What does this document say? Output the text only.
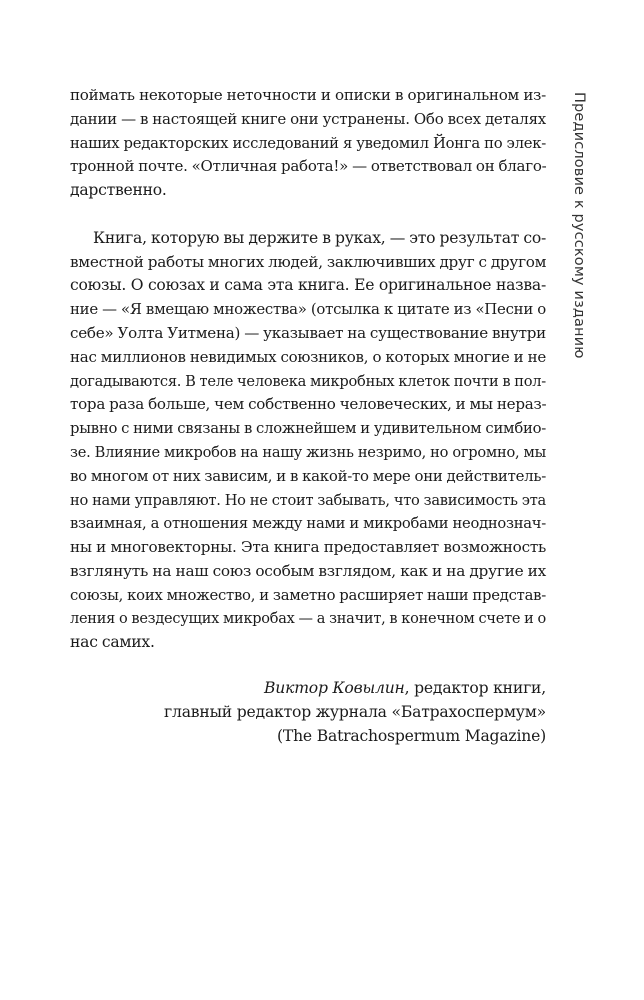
Предисловие к русскому изданию
поймать некоторые неточности и описки в оригинальном из-
дании — в настоящей книге они устранены. Обо всех деталях
наших редакторских исследований я уведомил Йонга по элек-
тронной почте. «Отличная работа!» — ответствовал он благо-
дарственно.
Книга, которую вы держите в руках, — это результат со-
вместной работы многих людей, заключивших друг с другом
союзы. О союзах и сама эта книга. Ее оригинальное назва-
ние — «Я вмещаю множества» (отсылка к цитате из «Песни о
себе» Уолта Уитмена) — указывает на существование внутри
нас миллионов невидимых союзников, о которых многие и не
догадываются. В теле человека микробных клеток почти в пол-
тора раза больше, чем собственно человеческих, и мы нераз-
рывно с ними связаны в сложнейшем и удивительном симбио-
зе. Влияние микробов на нашу жизнь незримо, но огромно, мы
во многом от них зависим, и в какой-то мере они действитель-
но нами управляют. Но не стоит забывать, что зависимость эта
взаимная, а отношения между нами и микробами неоднознач-
ны и многовекторны. Эта книга предоставляет возможность
взглянуть на наш союз особым взглядом, как и на другие их
союзы, коих множество, и заметно расширяет наши представ-
ления о вездесущих микробах — а значит, в конечном счете и о
нас самих.
Виктор Ковылин, редактор книги,
главный редактор журнала «Батрахоспермум»
(The Batrachospermum Magazine)
